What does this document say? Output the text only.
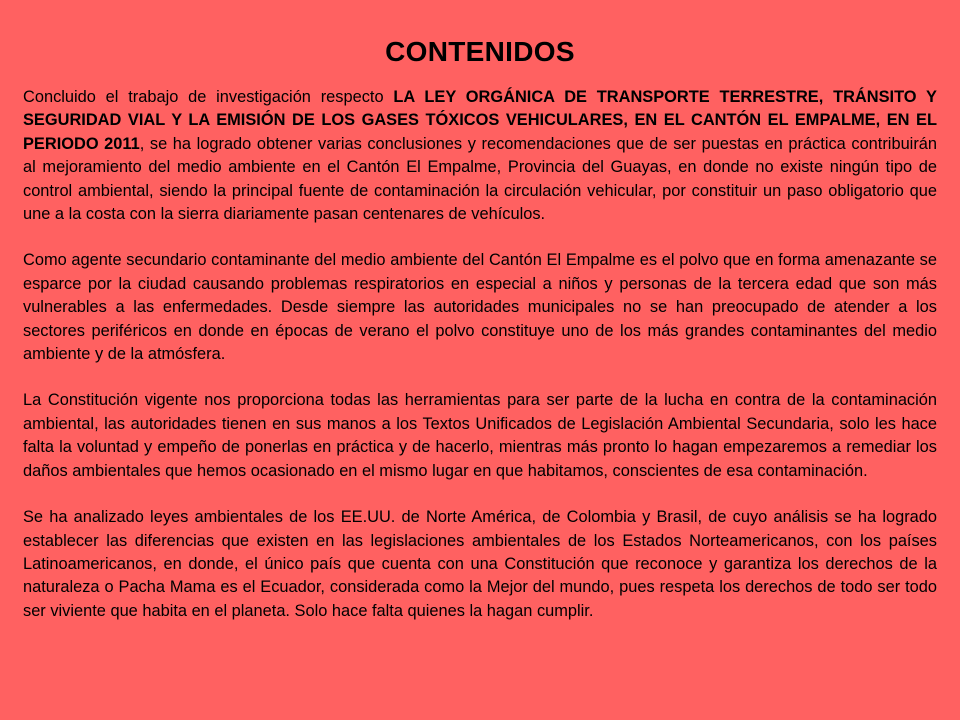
CONTENIDOS

Concluido el trabajo de investigación respecto LA LEY ORGÁNICA DE TRANSPORTE TERRESTRE, TRÁNSITO Y SEGURIDAD VIAL Y LA EMISIÓN DE LOS GASES TÓXICOS VEHICULARES, EN EL CANTÓN EL EMPALME, EN EL PERIODO 2011, se ha logrado obtener varias conclusiones y recomendaciones que de ser puestas en práctica contribuirán al mejoramiento del medio ambiente en el Cantón El Empalme, Provincia del Guayas, en donde no existe ningún tipo de control ambiental, siendo la principal fuente de contaminación la circulación vehicular, por constituir un paso obligatorio que une a la costa con la sierra diariamente pasan centenares de vehículos.

Como agente secundario contaminante del medio ambiente del Cantón El Empalme es el polvo que en forma amenazante se esparce por la ciudad causando problemas respiratorios en especial a niños y personas de la tercera edad que son más vulnerables a las enfermedades. Desde siempre las autoridades municipales no se han preocupado de atender a los sectores periféricos en donde en épocas de verano el polvo constituye uno de los más grandes contaminantes del medio ambiente y de la atmósfera.

La Constitución vigente nos proporciona todas las herramientas para ser parte de la lucha en contra de la contaminación ambiental, las autoridades tienen en sus manos a los Textos Unificados de Legislación Ambiental Secundaria, solo les hace falta la voluntad y empeño de ponerlas en práctica y de hacerlo, mientras más pronto lo hagan empezaremos a remediar los daños ambientales que hemos ocasionado en el mismo lugar en que habitamos, conscientes de esa contaminación.

Se ha analizado leyes ambientales de los EE.UU. de Norte América, de Colombia y Brasil, de cuyo análisis se ha logrado establecer las diferencias que existen en las legislaciones ambientales de los Estados Norteamericanos, con los países Latinoamericanos, en donde, el único país que cuenta con una Constitución que reconoce y garantiza los derechos de la naturaleza o Pacha Mama es el Ecuador, considerada como la Mejor del mundo, pues respeta los derechos de todo ser todo ser viviente que habita en el planeta. Solo hace falta quienes la hagan cumplir.
